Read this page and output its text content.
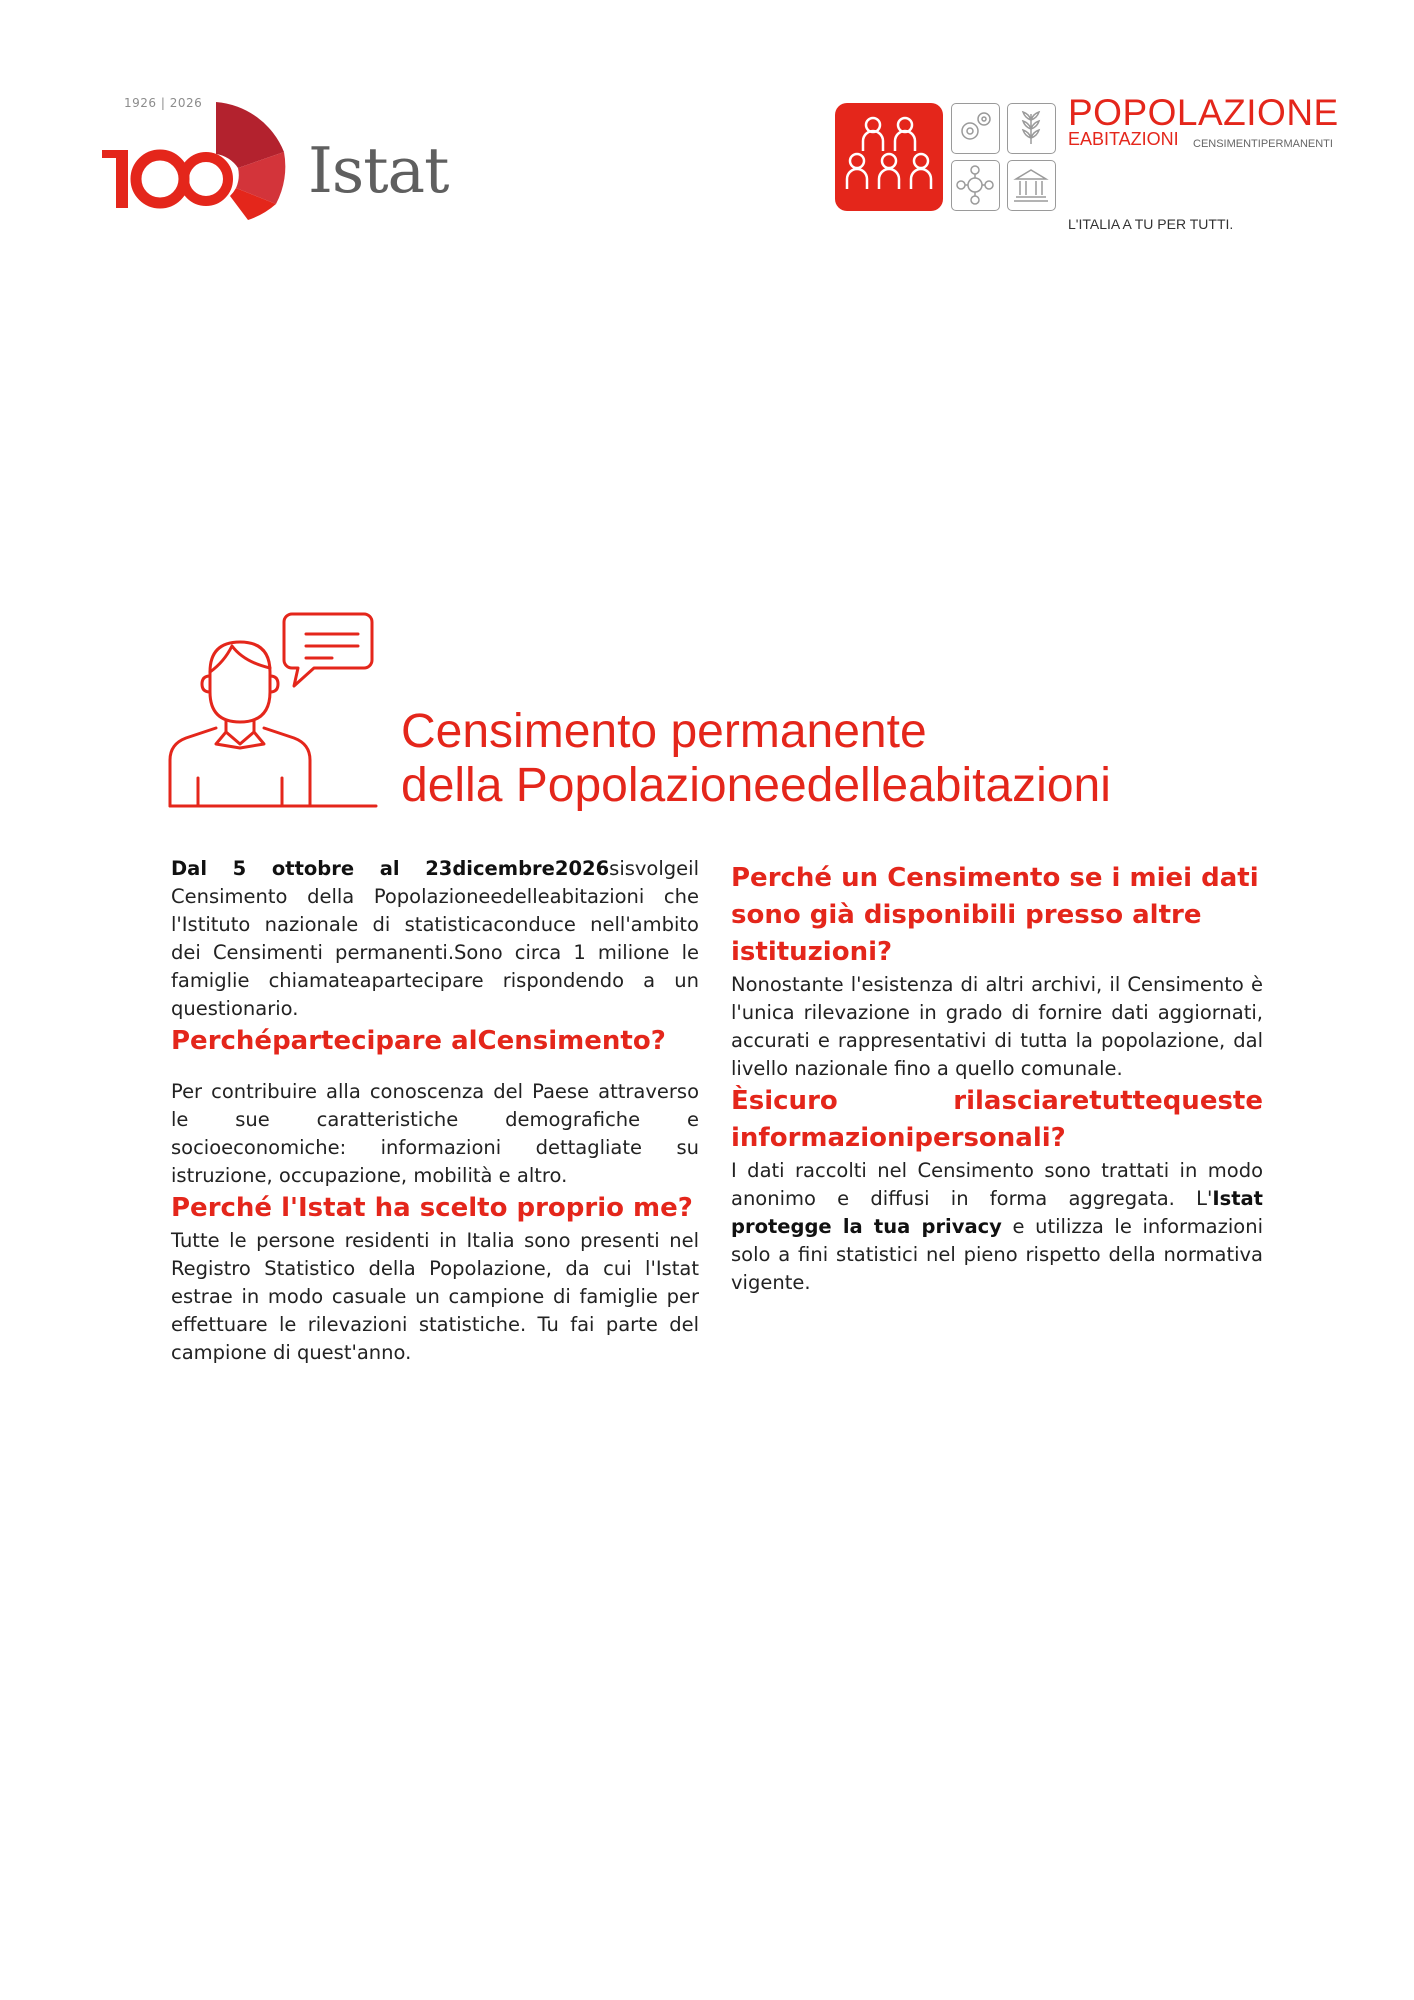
1926 | 2026
Istat
POPOLAZIONE
EABITAZIONI CENSIMENTIPERMANENTI
L'ITALIA A TU PER TUTTI.
Censimento permanente
della Popolazioneedelleabitazioni

Dal 5 ottobre al 23dicembre2026sisvolgeil Censimento della Popolazioneedelleabitazioni che l'Istituto nazionale di statisticaconduce nell'ambito dei Censimenti permanenti.Sono circa 1 milione le famiglie chiamateapartecipare rispondendo a un questionario.

Perchépartecipare alCensimento?

Per contribuire alla conoscenza del Paese attraverso le sue caratteristiche demografiche e socioeconomiche: informazioni dettagliate su istruzione, occupazione, mobilità e altro.

Perché l'Istat ha scelto proprio me?

Tutte le persone residenti in Italia sono presenti nel Registro Statistico della Popolazione, da cui l'Istat estrae in modo casuale un campione di famiglie per effettuare le rilevazioni statistiche. Tu fai parte del campione di quest'anno.

Perché un Censimento se i miei dati sono già disponibili presso altre istituzioni?

Nonostante l'esistenza di altri archivi, il Censimento è l'unica rilevazione in grado di fornire dati aggiornati, accurati e rappresentativi di tutta la popolazione, dal livello nazionale fino a quello comunale.

Èsicuro rilasciaretuttequeste informazionipersonali?

I dati raccolti nel Censimento sono trattati in modo anonimo e diffusi in forma aggregata. L'Istat protegge la tua privacy e utilizza le informazioni solo a fini statistici nel pieno rispetto della normativa vigente.
